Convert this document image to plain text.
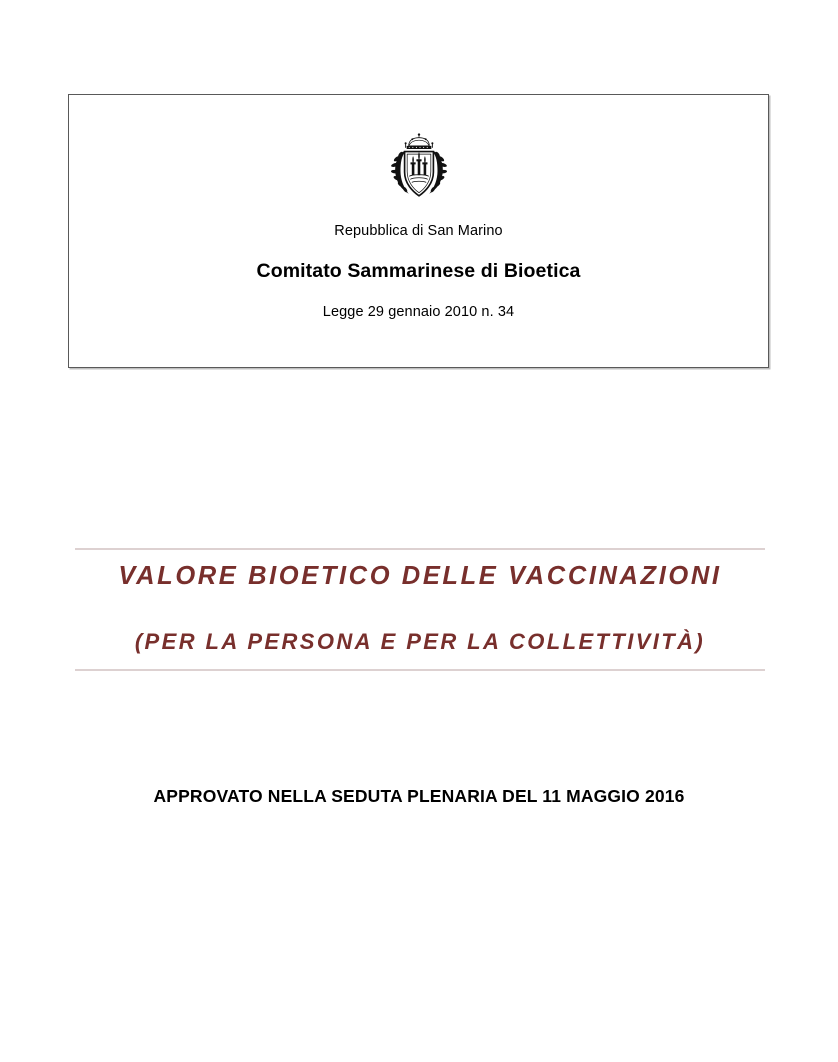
Repubblica di San Marino
Comitato Sammarinese di Bioetica
Legge 29 gennaio 2010 n. 34
VALORE BIOETICO DELLE VACCINAZIONI
(PER LA PERSONA E PER LA COLLETTIVITÀ)
APPROVATO NELLA SEDUTA PLENARIA DEL 11 MAGGIO 2016
